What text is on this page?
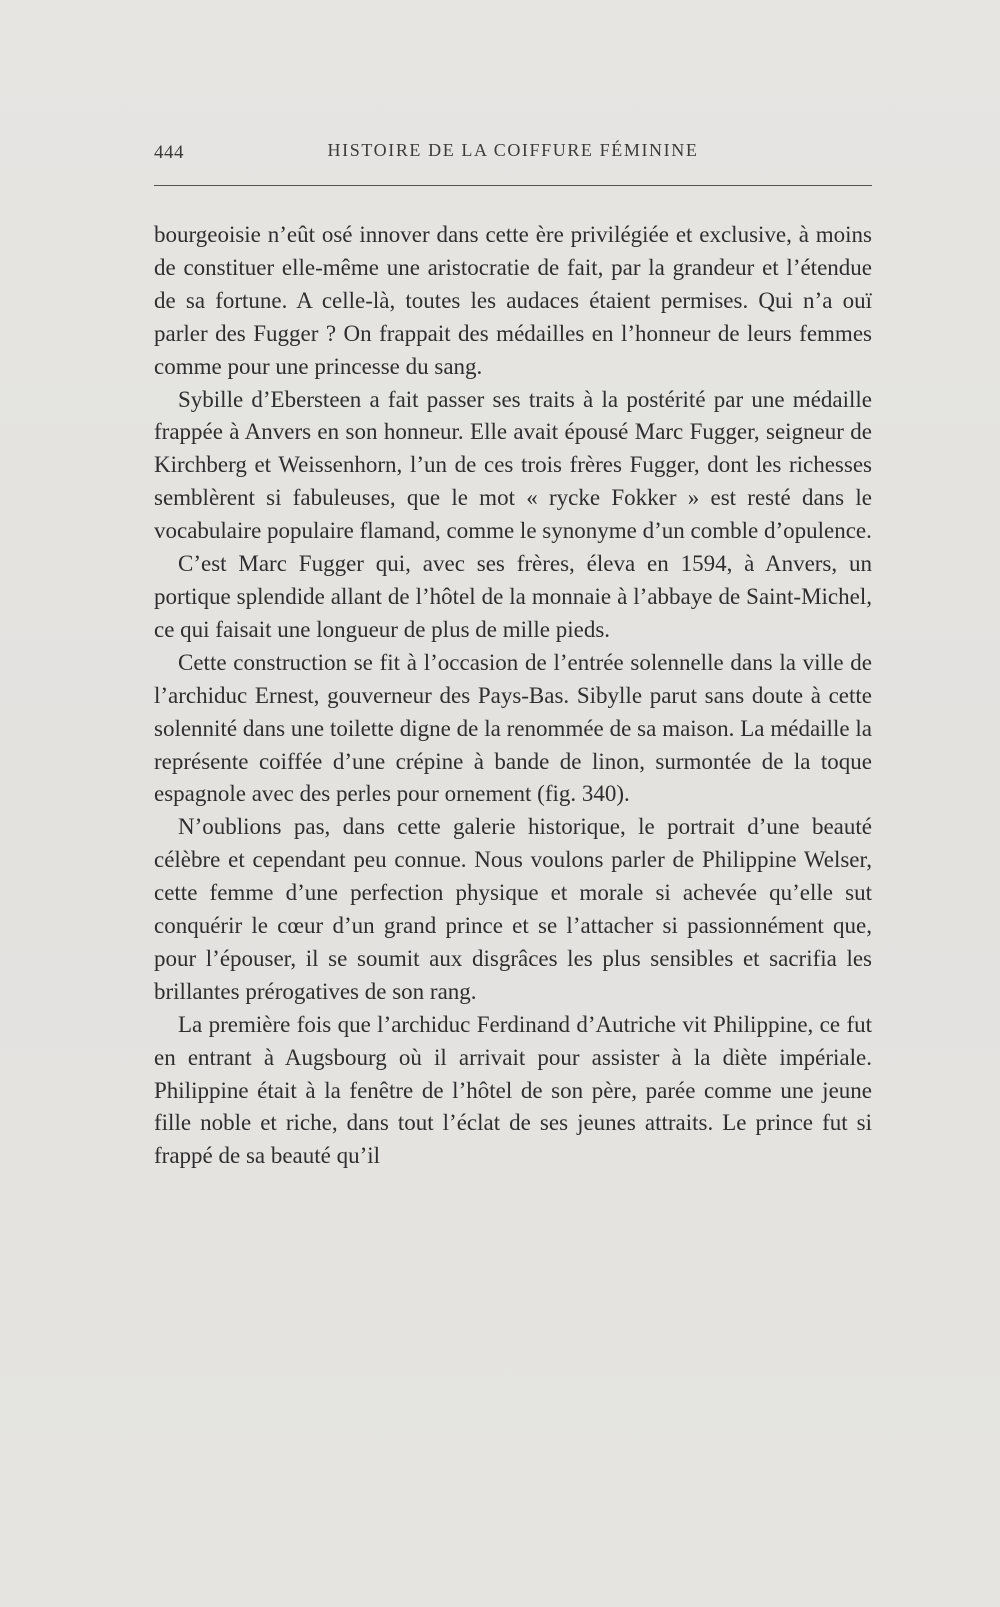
444	HISTOIRE DE LA COIFFURE FÉMININE

bourgeoisie n’eût osé innover dans cette ère privilégiée et exclusive, à moins de constituer elle-même une aristocratie de fait, par la grandeur et l’étendue de sa fortune. A celle-là, toutes les audaces étaient permises. Qui n’a ouï parler des Fugger ? On frappait des médailles en l’honneur de leurs femmes comme pour une princesse du sang.

Sybille d’Ebersteen a fait passer ses traits à la postérité par une médaille frappée à Anvers en son honneur. Elle avait épousé Marc Fugger, seigneur de Kirchberg et Weissenhorn, l’un de ces trois frères Fugger, dont les richesses semblèrent si fabuleuses, que le mot « rycke Fokker » est resté dans le vocabulaire populaire flamand, comme le synonyme d’un comble d’opulence.

C’est Marc Fugger qui, avec ses frères, éleva en 1594, à Anvers, un portique splendide allant de l’hôtel de la monnaie à l’abbaye de Saint-Michel, ce qui faisait une longueur de plus de mille pieds.

Cette construction se fit à l’occasion de l’entrée solennelle dans la ville de l’archiduc Ernest, gouverneur des Pays-Bas. Sibylle parut sans doute à cette solennité dans une toilette digne de la renommée de sa maison. La médaille la représente coiffée d’une crépine à bande de linon, surmontée de la toque espagnole avec des perles pour ornement (fig. 340).

N’oublions pas, dans cette galerie historique, le portrait d’une beauté célèbre et cependant peu connue. Nous voulons parler de Philippine Welser, cette femme d’une perfection physique et morale si achevée qu’elle sut conquérir le cœur d’un grand prince et se l’attacher si passionnément que, pour l’épouser, il se soumit aux disgrâces les plus sensibles et sacrifia les brillantes prérogatives de son rang.

La première fois que l’archiduc Ferdinand d’Autriche vit Philippine, ce fut en entrant à Augsbourg où il arrivait pour assister à la diète impériale. Philippine était à la fenêtre de l’hôtel de son père, parée comme une jeune fille noble et riche, dans tout l’éclat de ses jeunes attraits. Le prince fut si frappé de sa beauté qu’il
